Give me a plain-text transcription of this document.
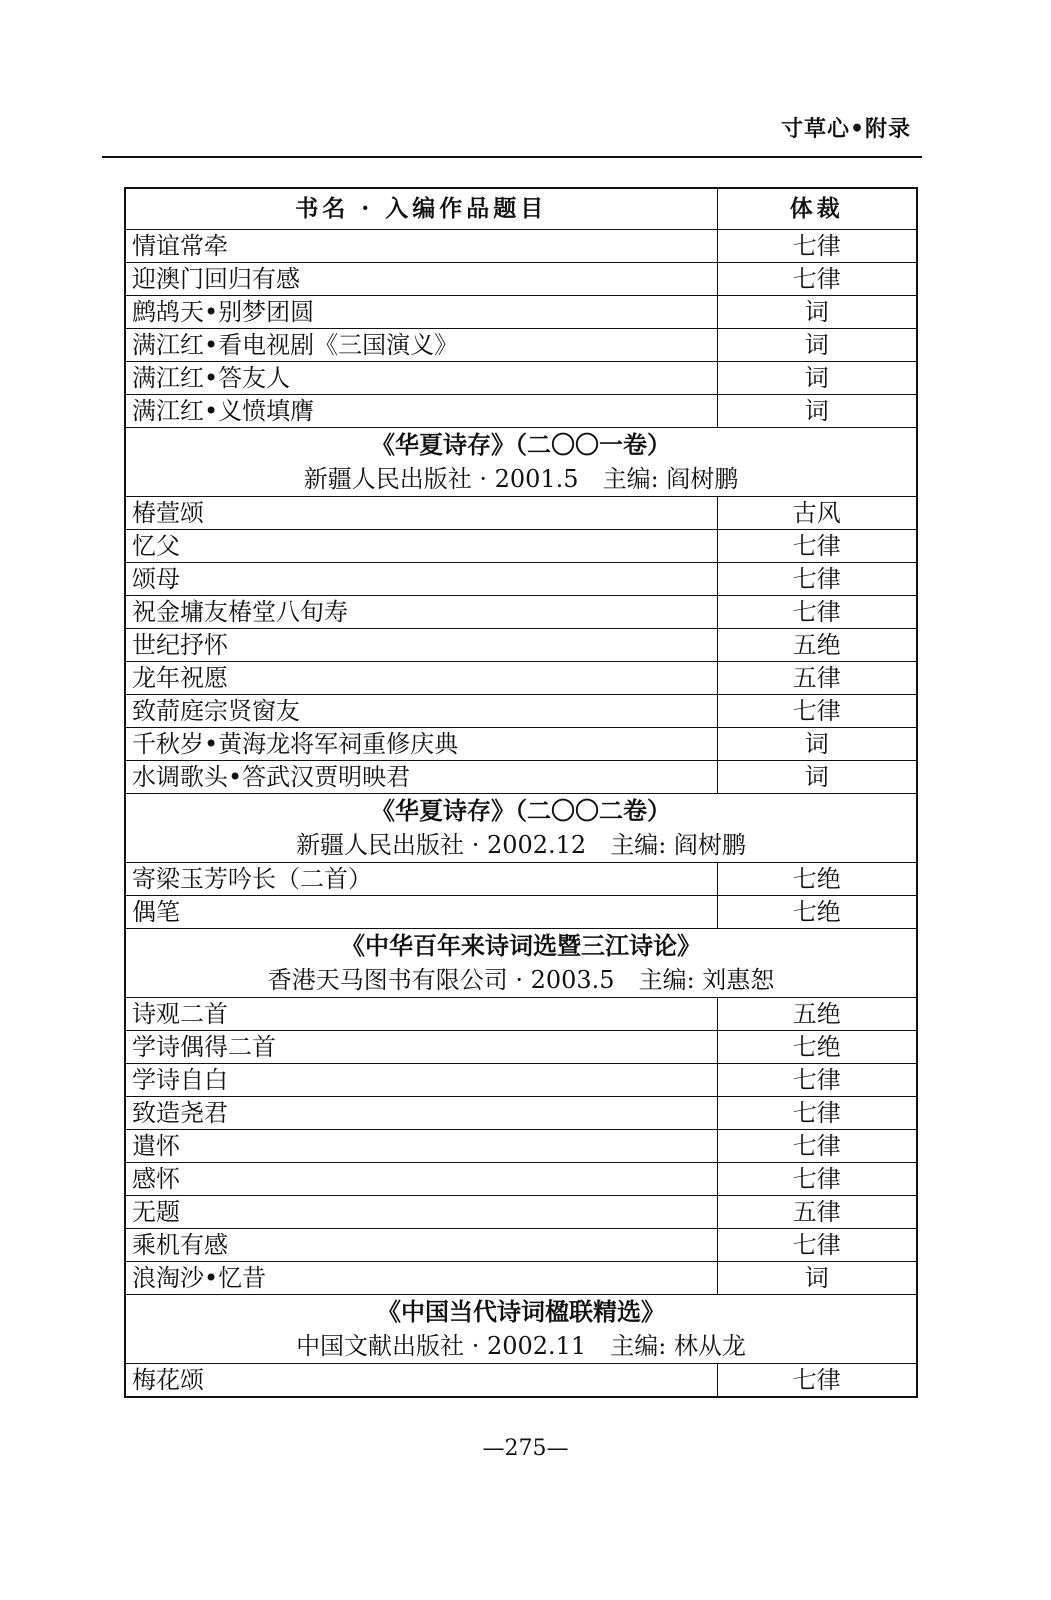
寸草心•附录
书名 · 入编作品题目	体裁
情谊常牵	七律
迎澳门回归有感	七律
鹧鸪天•别梦团圆	词
满江红•看电视剧《三国演义》	词
满江红•答友人	词
满江红•义愤填膺	词

《华夏诗存》（二〇〇一卷）
新疆人民出版社 · 2001.5　主编: 阎树鹏	

椿萱颂	古风
忆父	七律
颂母	七律
祝金墉友椿堂八旬寿	七律
世纪抒怀	五绝
龙年祝愿	五律
致葥庭宗贤窗友	七律
千秋岁•黄海龙将军祠重修庆典	词
水调歌头•答武汉贾明映君	词

《华夏诗存》（二〇〇二卷）
新疆人民出版社 · 2002.12　主编: 阎树鹏	

寄梁玉芳吟长（二首）	七绝
偶笔	七绝

《中华百年来诗词选暨三江诗论》
香港天马图书有限公司 · 2003.5　主编: 刘惠恕	

诗观二首	五绝
学诗偶得二首	七绝
学诗自白	七律
致造尧君	七律
遣怀	七律
感怀	七律
无题	五律
乘机有感	七律
浪淘沙•忆昔	词

《中国当代诗词楹联精选》
中国文献出版社 · 2002.11　主编: 林从龙	

梅花颂	七律
—275—
